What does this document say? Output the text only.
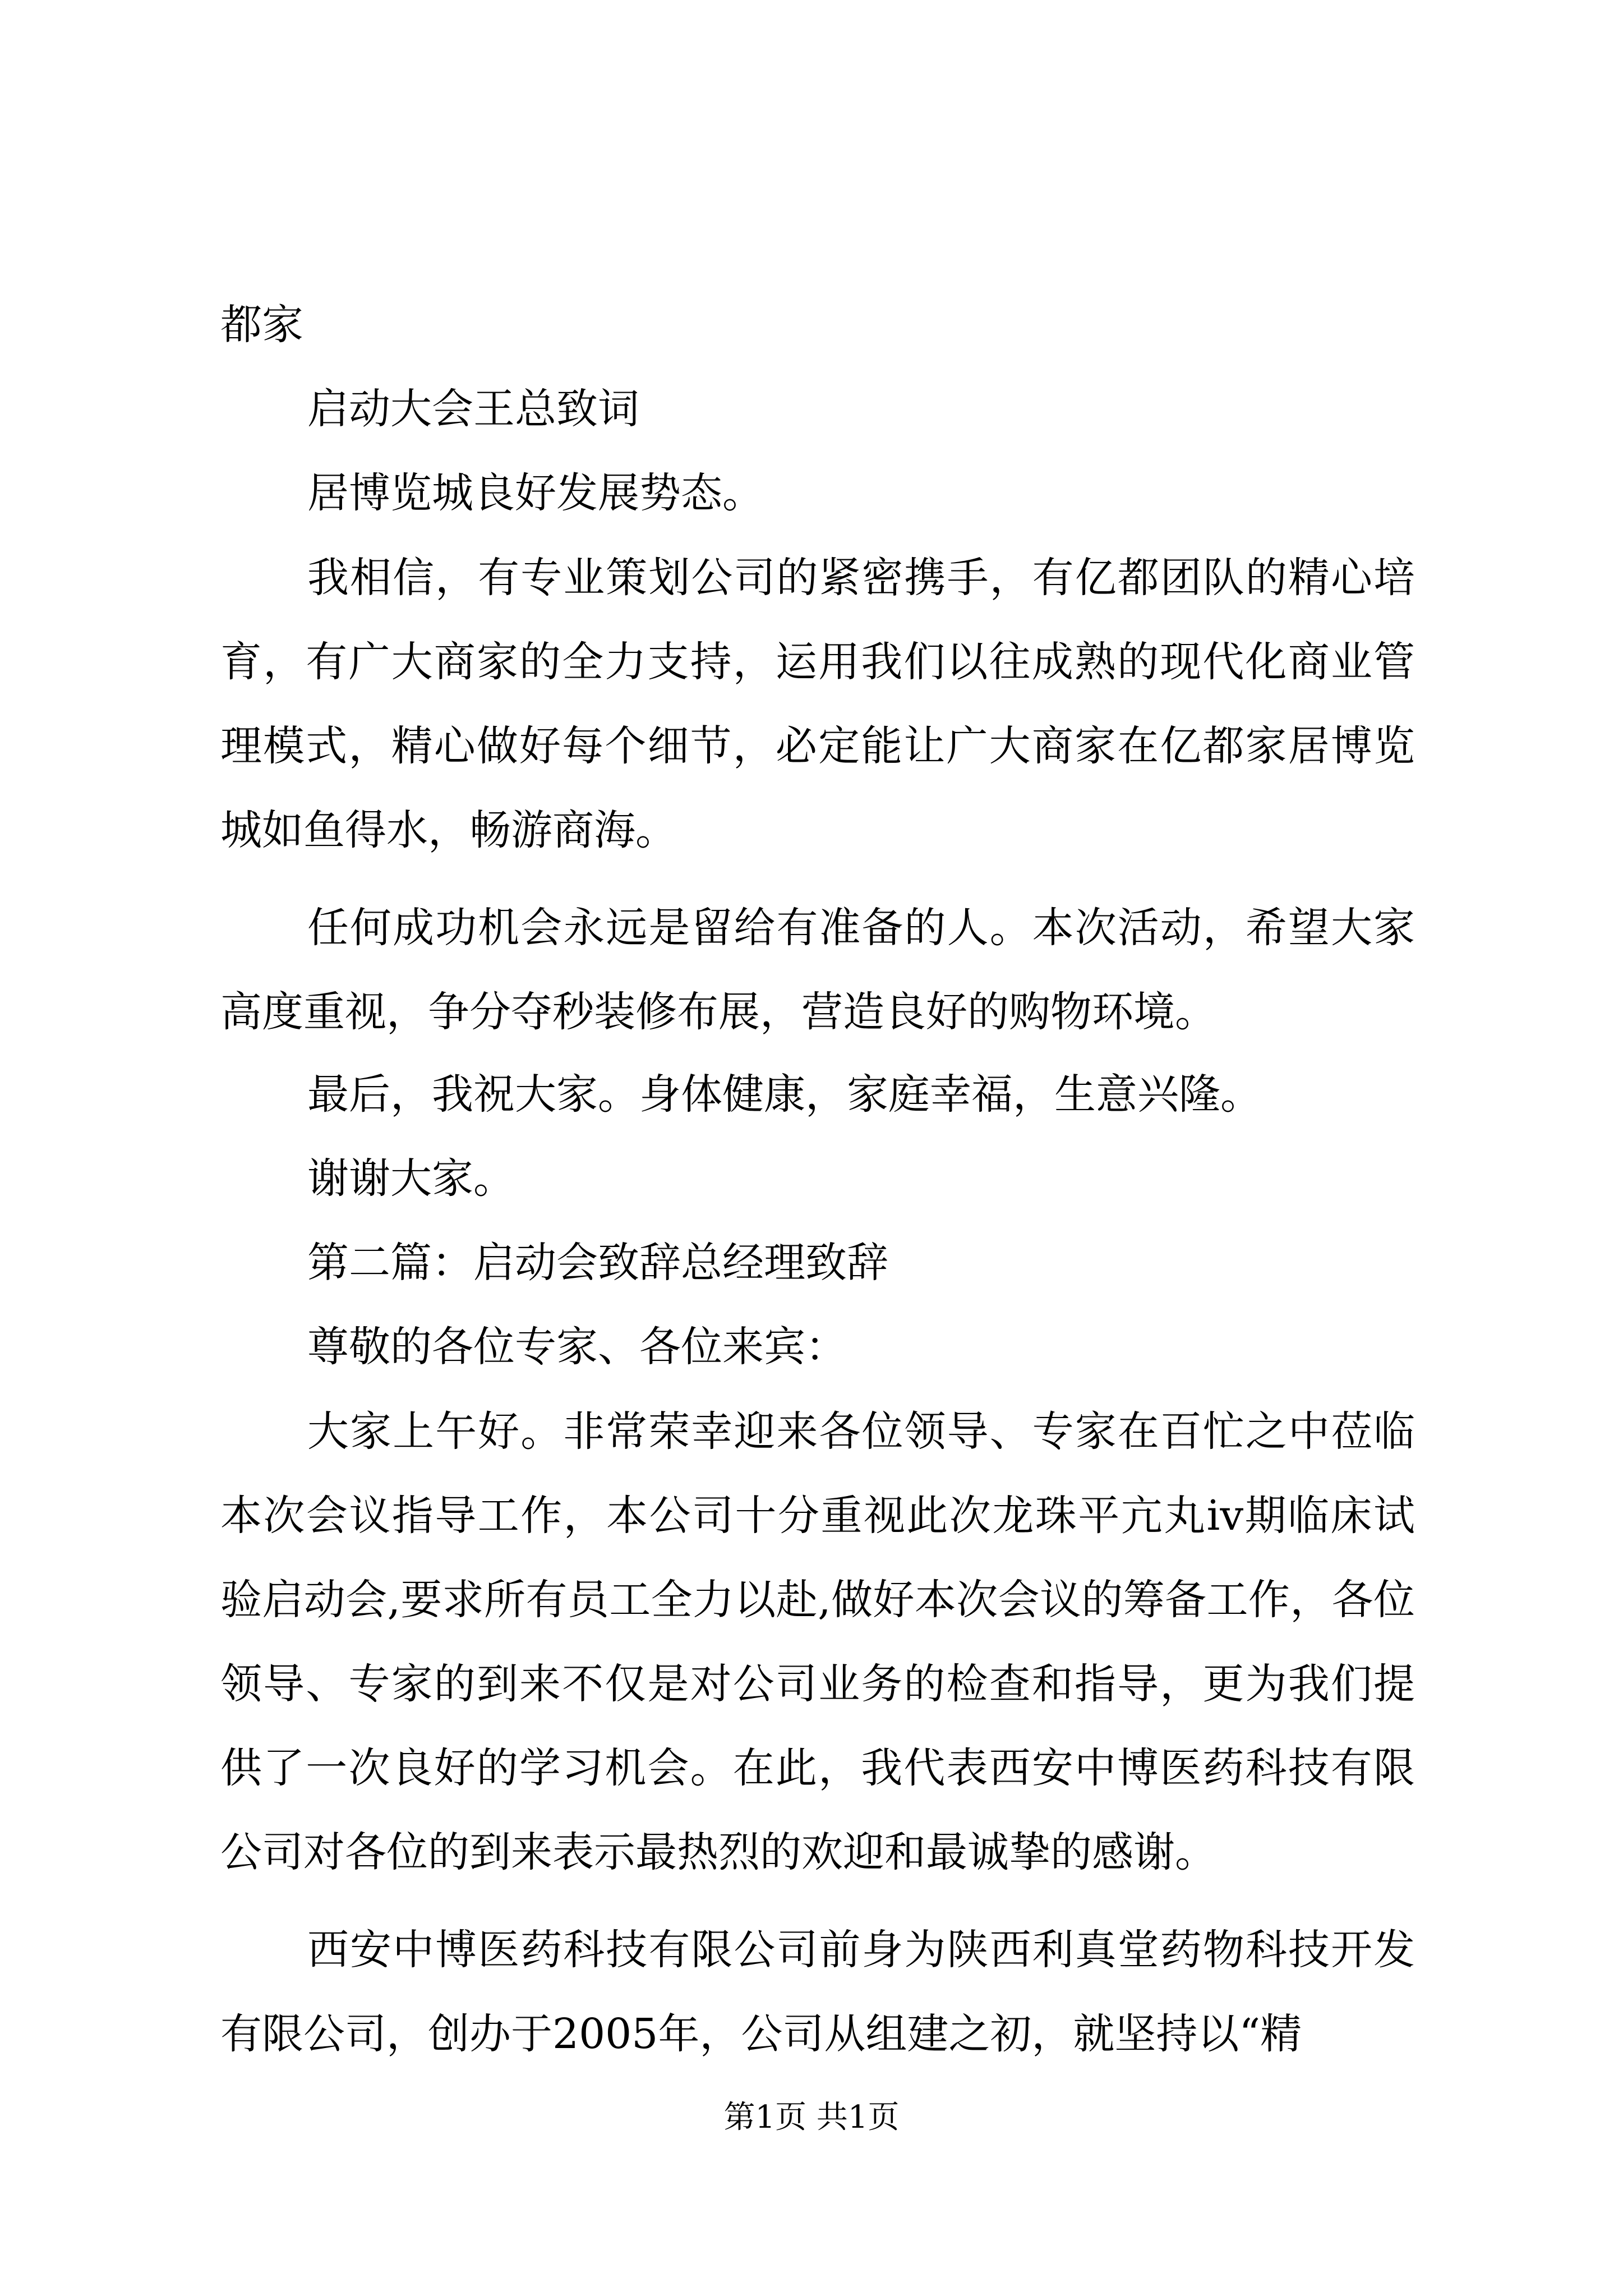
都家

启动大会王总致词

居博览城良好发展势态。

我相信，有专业策划公司的紧密携手，有亿都团队的精心培育，有广大商家的全力支持，运用我们以往成熟的现代化商业管理模式，精心做好每个细节，必定能让广大商家在亿都家居博览城如鱼得水，畅游商海。

任何成功机会永远是留给有准备的人。本次活动，希望大家高度重视，争分夺秒装修布展，营造良好的购物环境。

最后，我祝大家。身体健康，家庭幸福，生意兴隆。

谢谢大家。

第二篇：启动会致辞总经理致辞

尊敬的各位专家、各位来宾：

大家上午好。非常荣幸迎来各位领导、专家在百忙之中莅临本次会议指导工作，本公司十分重视此次龙珠平亢丸iv期临床试验启动会,要求所有员工全力以赴,做好本次会议的筹备工作，各位领导、专家的到来不仅是对公司业务的检查和指导，更为我们提供了一次良好的学习机会。在此，我代表西安中博医药科技有限公司对各位的到来表示最热烈的欢迎和最诚挚的感谢。

西安中博医药科技有限公司前身为陕西利真堂药物科技开发有限公司，创办于2005年，公司从组建之初，就坚持以“精

第1页 共1页
